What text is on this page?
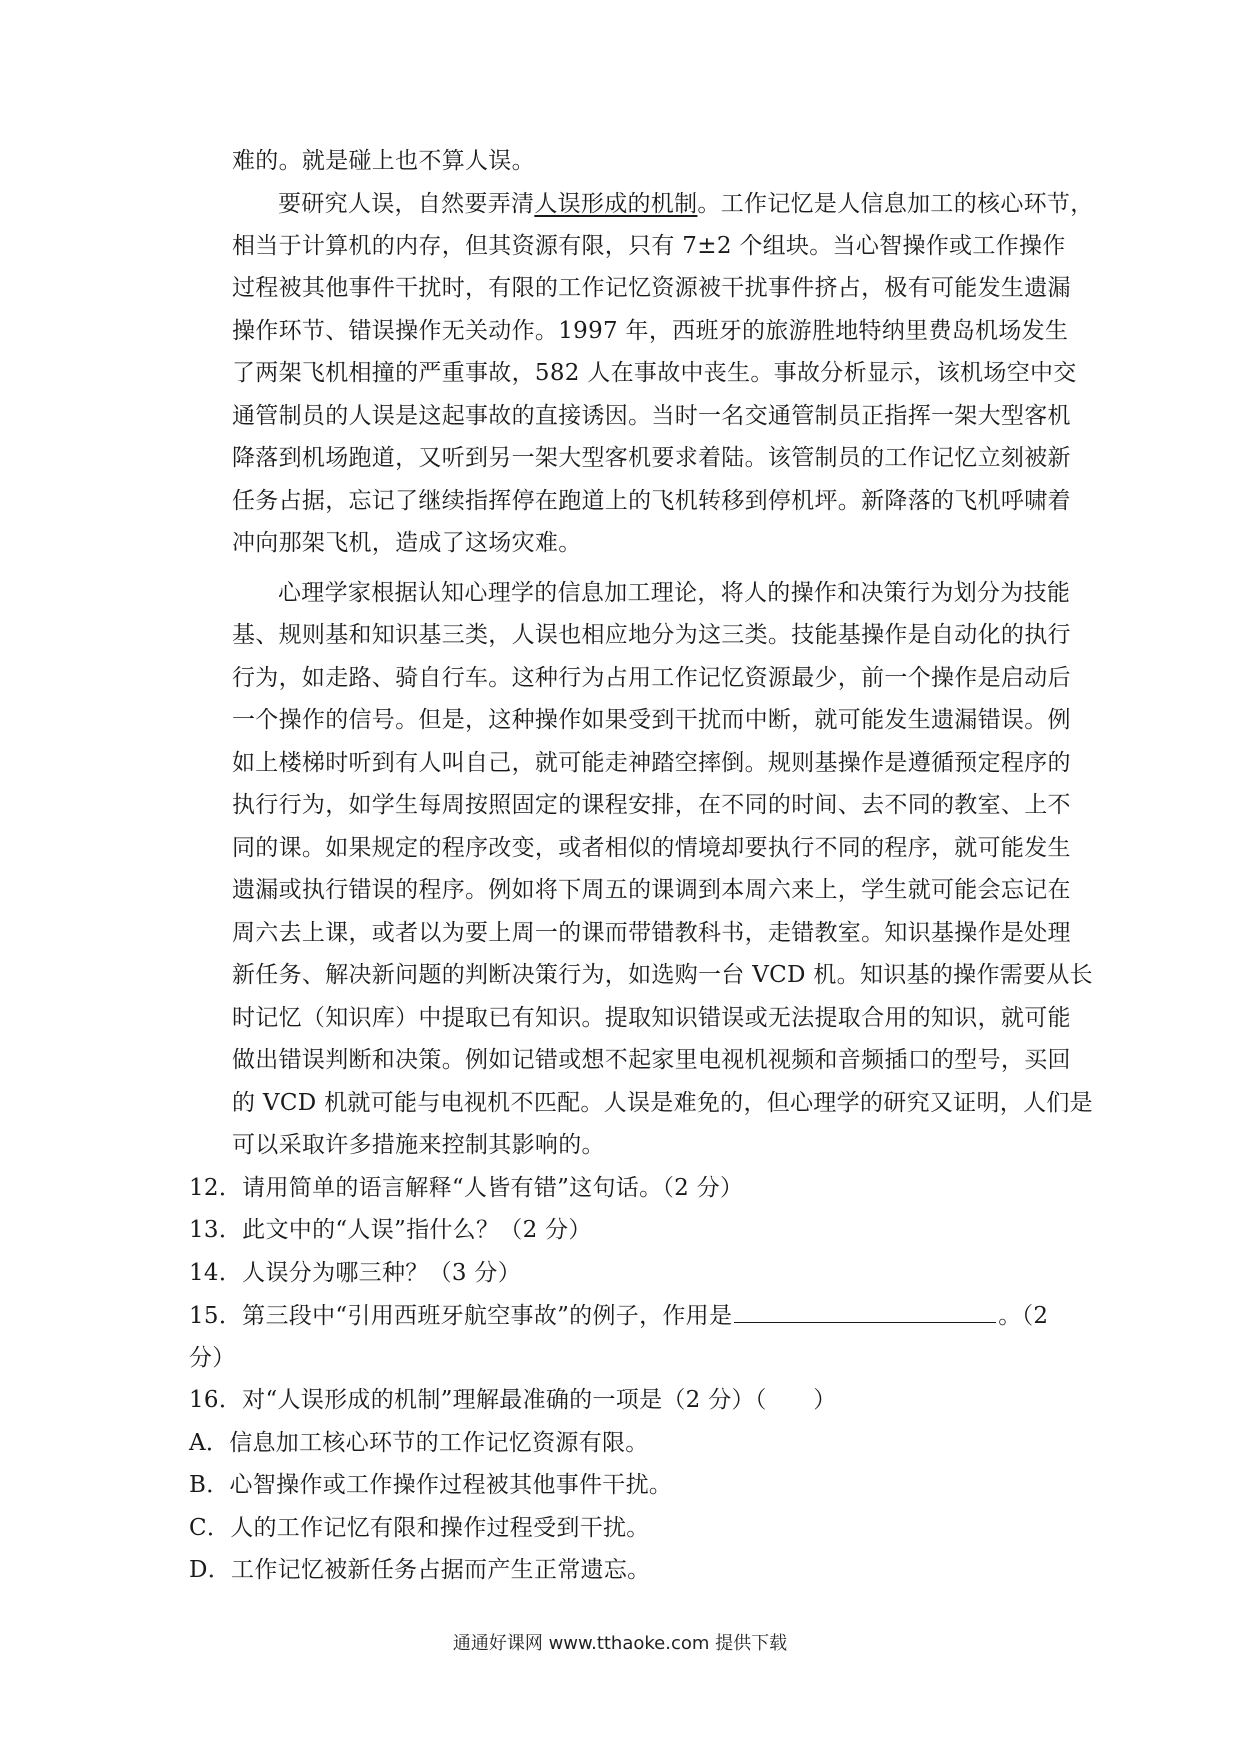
难的。就是碰上也不算人误。
要研究人误，自然要弄清人误形成的机制。工作记忆是人信息加工的核心环节，
相当于计算机的内存，但其资源有限，只有 7±2 个组块。当心智操作或工作操作
过程被其他事件干扰时，有限的工作记忆资源被干扰事件挤占，极有可能发生遗漏
操作环节、错误操作无关动作。1997 年，西班牙的旅游胜地特纳里费岛机场发生
了两架飞机相撞的严重事故，582 人在事故中丧生。事故分析显示，该机场空中交
通管制员的人误是这起事故的直接诱因。当时一名交通管制员正指挥一架大型客机
降落到机场跑道，又听到另一架大型客机要求着陆。该管制员的工作记忆立刻被新
任务占据，忘记了继续指挥停在跑道上的飞机转移到停机坪。新降落的飞机呼啸着
冲向那架飞机，造成了这场灾难。
心理学家根据认知心理学的信息加工理论，将人的操作和决策行为划分为技能
基、规则基和知识基三类，人误也相应地分为这三类。技能基操作是自动化的执行
行为，如走路、骑自行车。这种行为占用工作记忆资源最少，前一个操作是启动后
一个操作的信号。但是，这种操作如果受到干扰而中断，就可能发生遗漏错误。例
如上楼梯时听到有人叫自己，就可能走神踏空摔倒。规则基操作是遵循预定程序的
执行行为，如学生每周按照固定的课程安排，在不同的时间、去不同的教室、上不
同的课。如果规定的程序改变，或者相似的情境却要执行不同的程序，就可能发生
遗漏或执行错误的程序。例如将下周五的课调到本周六来上，学生就可能会忘记在
周六去上课，或者以为要上周一的课而带错教科书，走错教室。知识基操作是处理
新任务、解决新问题的判断决策行为，如选购一台 VCD 机。知识基的操作需要从长
时记忆（知识库）中提取已有知识。提取知识错误或无法提取合用的知识，就可能
做出错误判断和决策。例如记错或想不起家里电视机视频和音频插口的型号，买回
的 VCD 机就可能与电视机不匹配。人误是难免的，但心理学的研究又证明，人们是
可以采取许多措施来控制其影响的。
12．请用简单的语言解释“人皆有错”这句话。（2 分）
13．此文中的“人误”指什么？（2 分）
14．人误分为哪三种？（3 分）
15．第三段中“引用西班牙航空事故”的例子，作用是	。（2
分）
16．对“人误形成的机制”理解最准确的一项是（2 分）（　　）
A．信息加工核心环节的工作记忆资源有限。
B．心智操作或工作操作过程被其他事件干扰。
C．人的工作记忆有限和操作过程受到干扰。
D．工作记忆被新任务占据而产生正常遗忘。
通通好课网 www.tthaoke.com 提供下载
